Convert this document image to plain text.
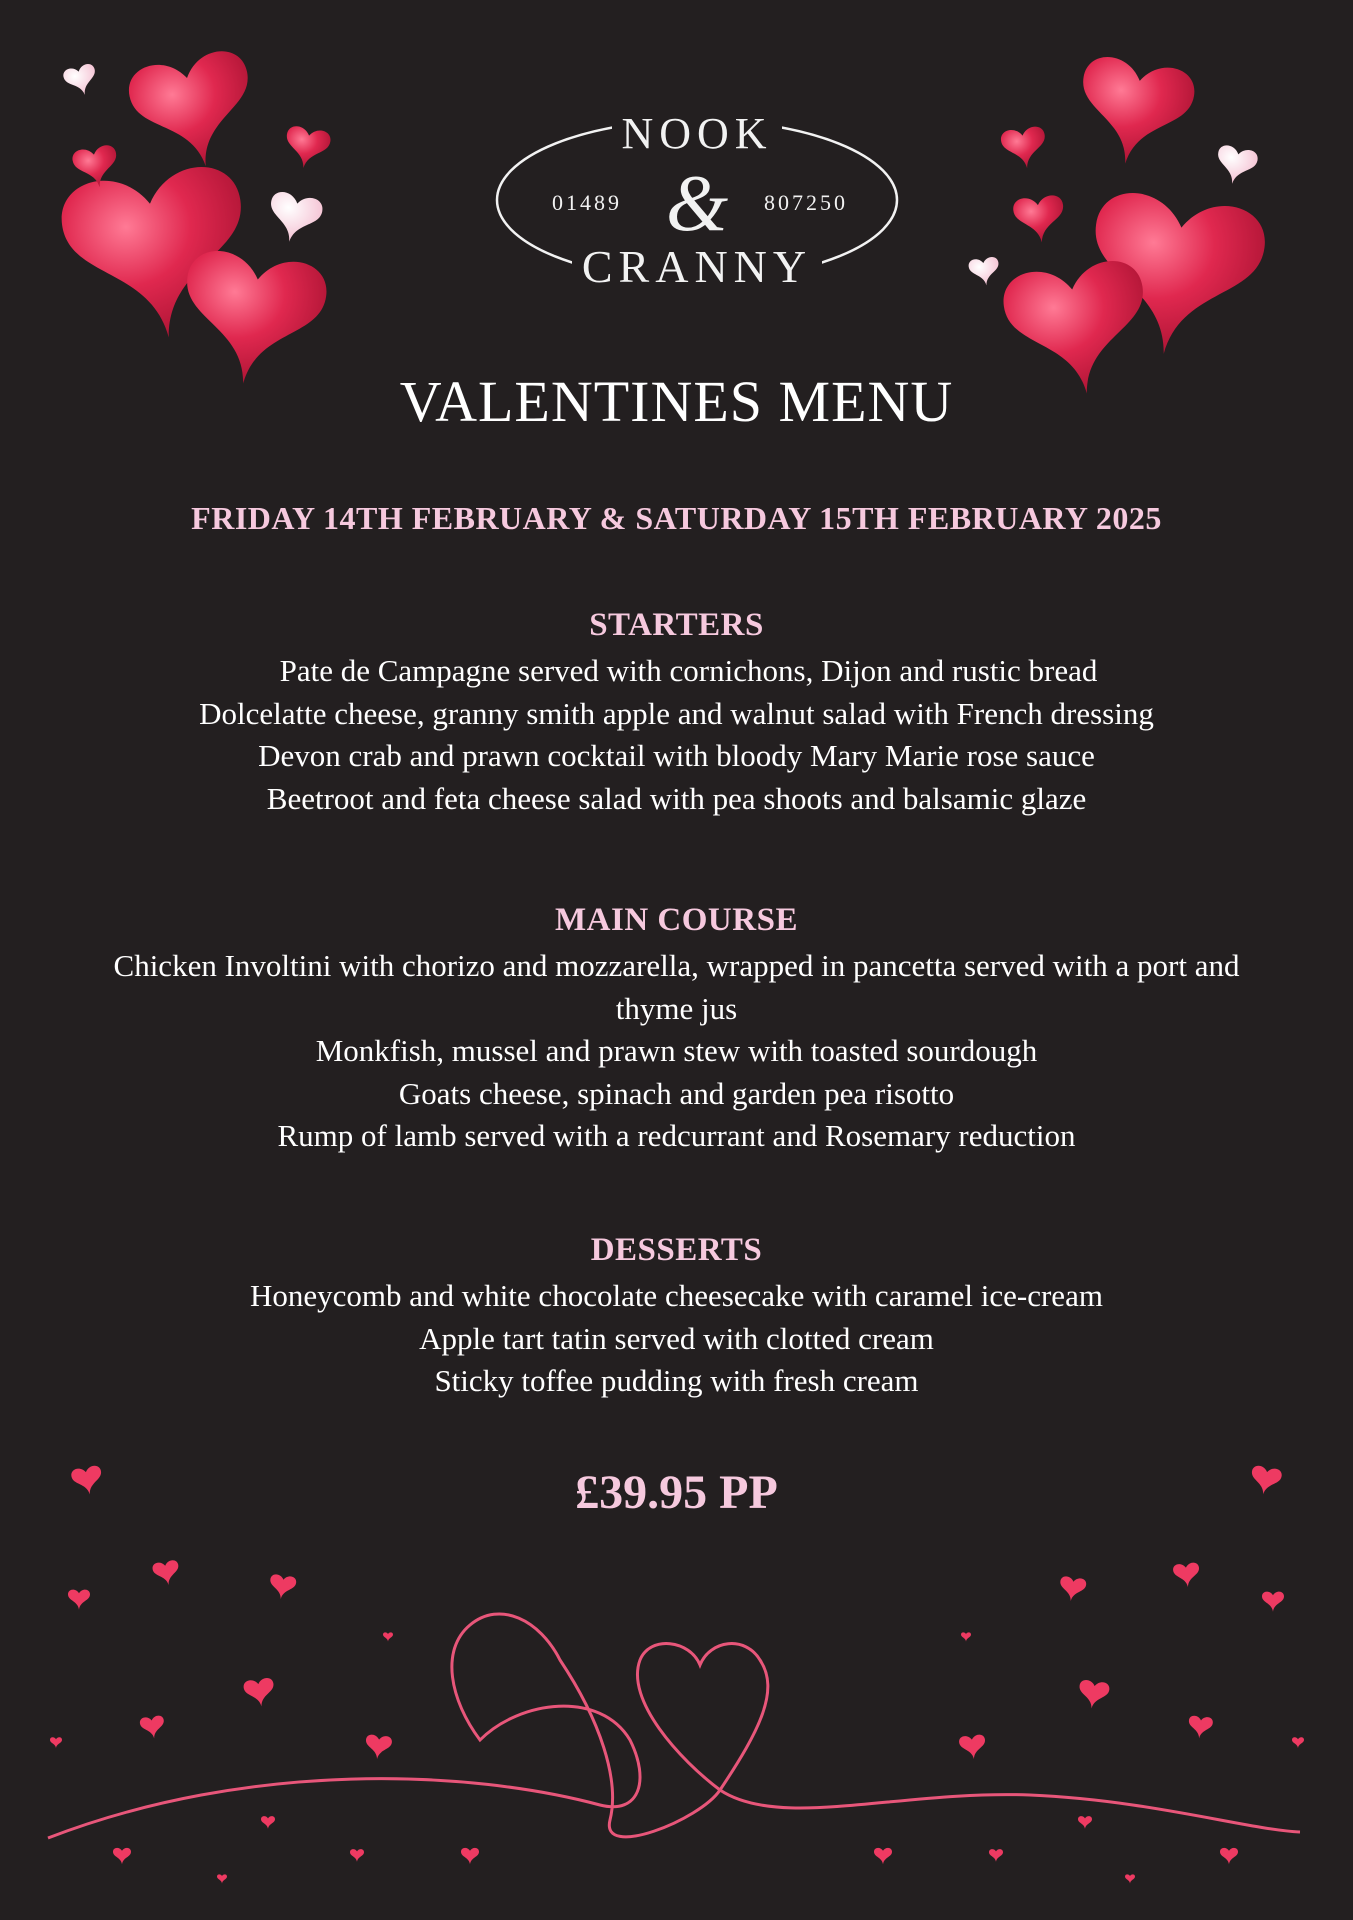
NOOK
&
01489	807250
CRANNY
VALENTINES MENU
FRIDAY 14TH FEBRUARY & SATURDAY 15TH FEBRUARY 2025
STARTERS
Pate de Campagne served with cornichons, Dijon and rustic bread
Dolcelatte cheese, granny smith apple and walnut salad with French dressing
Devon crab and prawn cocktail with bloody Mary Marie rose sauce
Beetroot and feta cheese salad with pea shoots and balsamic glaze
MAIN COURSE
Chicken Involtini with chorizo and mozzarella, wrapped in pancetta served with a port and thyme jus
Monkfish, mussel and prawn stew with toasted sourdough
Goats cheese, spinach and garden pea risotto
Rump of lamb served with a redcurrant and Rosemary reduction
DESSERTS
Honeycomb and white chocolate cheesecake with caramel ice-cream
Apple tart tatin served with clotted cream
Sticky toffee pudding with fresh cream
£39.95 PP
